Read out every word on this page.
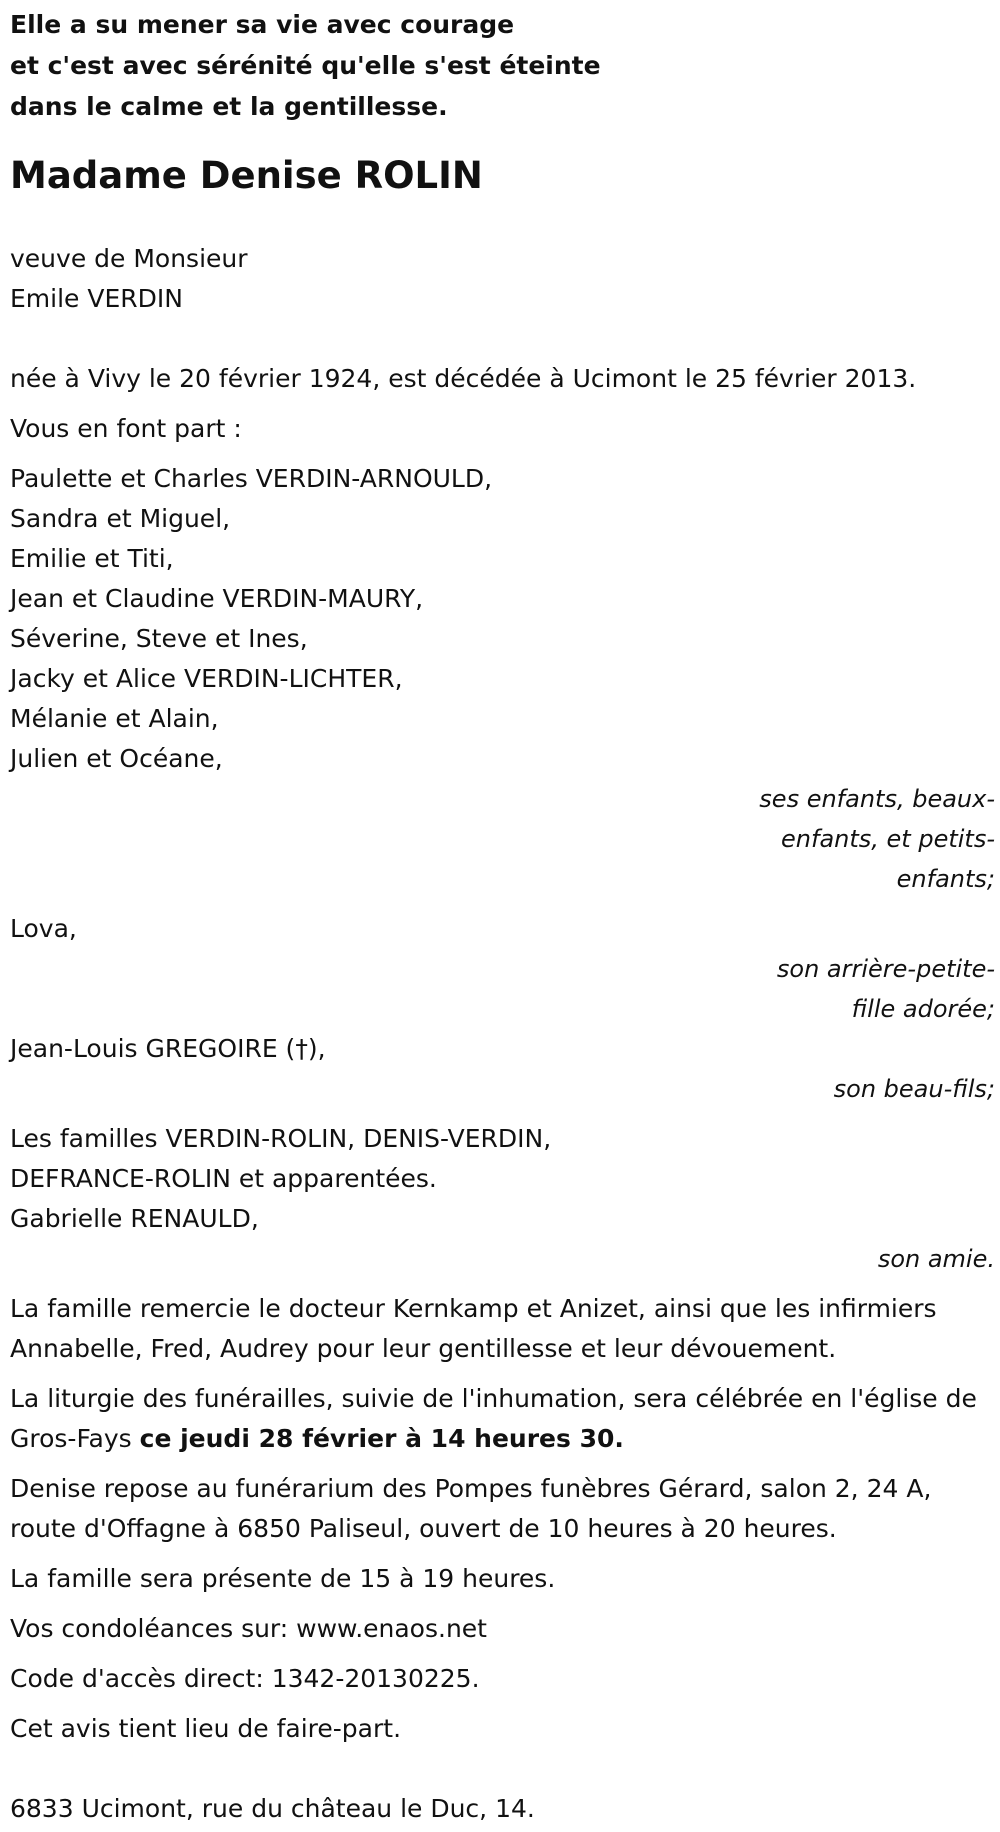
Elle a su mener sa vie avec courage
et c'est avec sérénité qu'elle s'est éteinte
dans le calme et la gentillesse.
Madame Denise ROLIN
veuve de Monsieur
Emile VERDIN
née à Vivy le 20 février 1924, est décédée à Ucimont le 25 février 2013.
Vous en font part :
Paulette et Charles VERDIN-ARNOULD,
Sandra et Miguel,
Emilie et Titi,
Jean et Claudine VERDIN-MAURY,
Séverine, Steve et Ines,
Jacky et Alice VERDIN-LICHTER,
Mélanie et Alain,
Julien et Océane,
ses enfants, beaux-enfants, et petits-enfants;
Lova,
son arrière-petite-fille adorée;
Jean-Louis GREGOIRE (†),
son beau-fils;
Les familles VERDIN-ROLIN, DENIS-VERDIN,
DEFRANCE-ROLIN et apparentées.
Gabrielle RENAULD,
son amie.
La famille remercie le docteur Kernkamp et Anizet, ainsi que les infirmiers Annabelle, Fred, Audrey pour leur gentillesse et leur dévouement.
La liturgie des funérailles, suivie de l'inhumation, sera célébrée en l'église de Gros-Fays ce jeudi 28 février à 14 heures 30.
Denise repose au funérarium des Pompes funèbres Gérard, salon 2, 24 A, route d'Offagne à 6850 Paliseul, ouvert de 10 heures à 20 heures.
La famille sera présente de 15 à 19 heures.
Vos condoléances sur: www.enaos.net
Code d'accès direct: 1342-20130225.
Cet avis tient lieu de faire-part.
6833 Ucimont, rue du château le Duc, 14.
